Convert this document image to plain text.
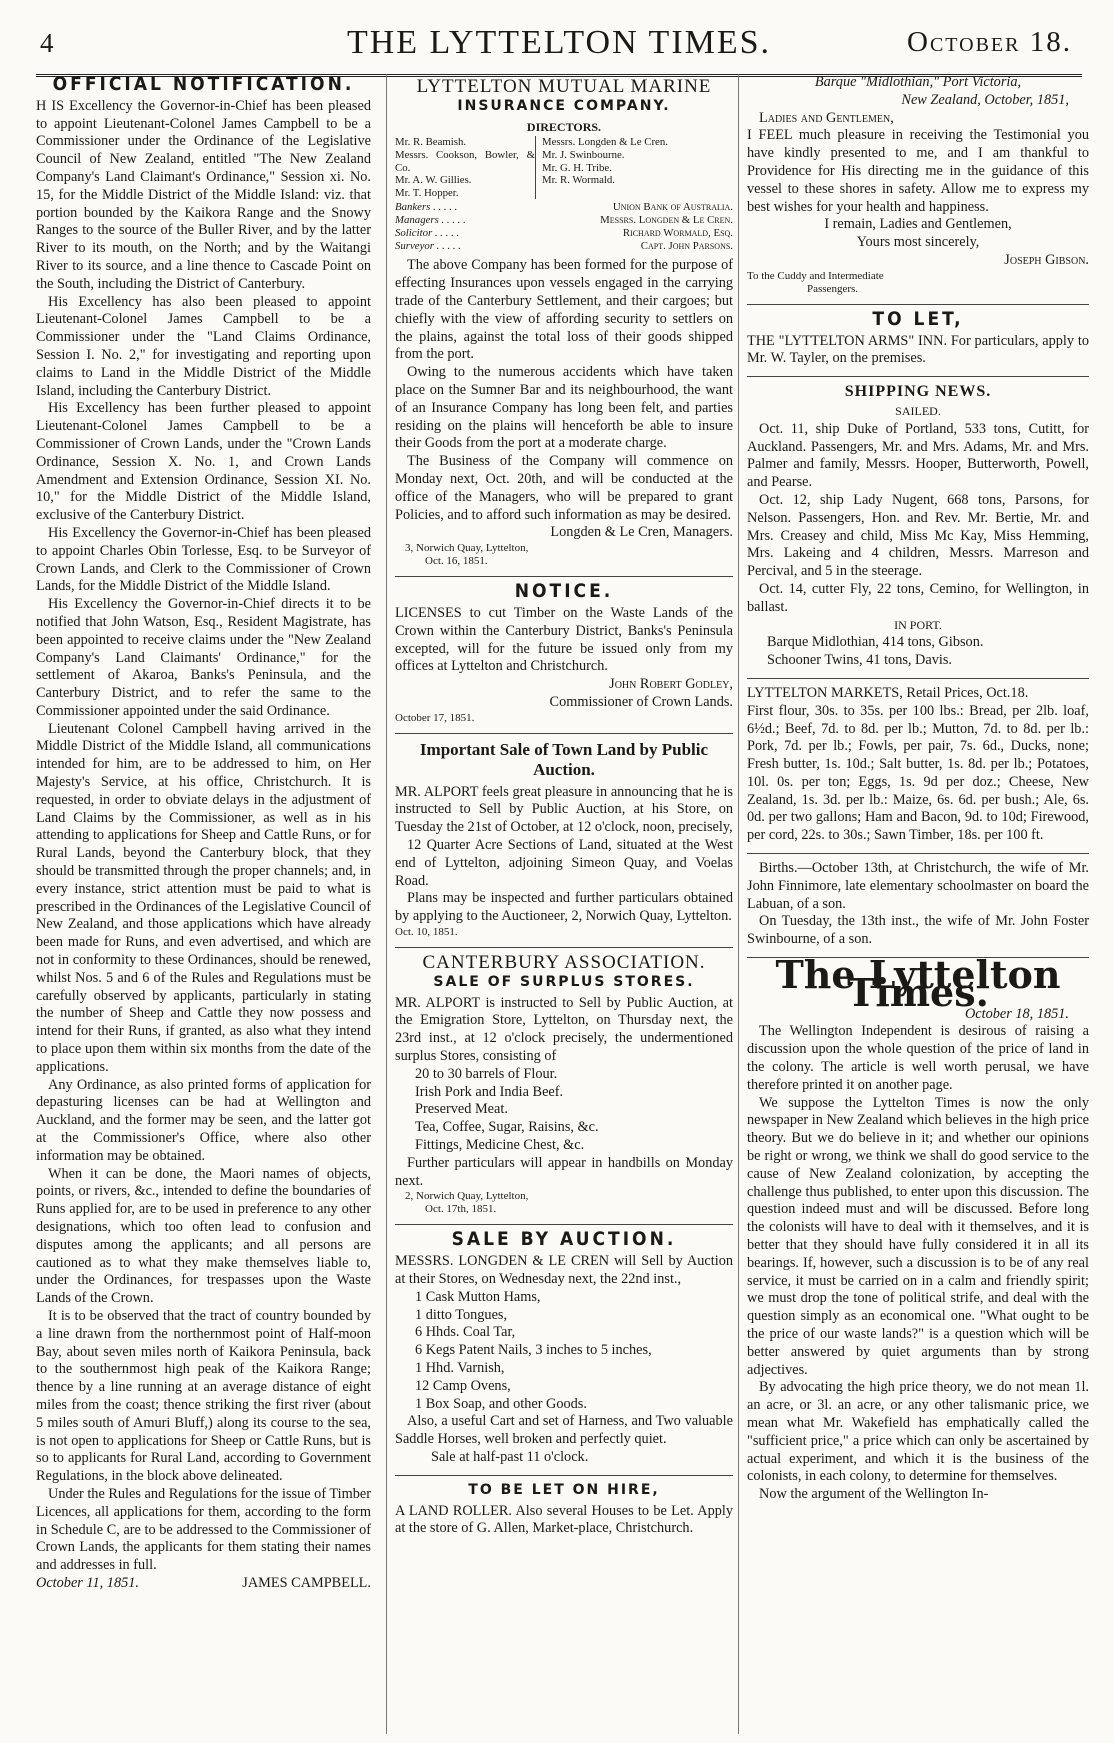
4	THE LYTTELTON TIMES.	October 18.
OFFICIAL NOTIFICATION.

H IS Excellency the Governor-in-Chief has been pleased to appoint Lieutenant-Colonel James Campbell to be a Commissioner under the Ordinance of the Legislative Council of New Zealand, entitled "The New Zealand Company's Land Claimant's Ordinance," Session xi. No. 15, for the Middle District of the Middle Island: viz. that portion bounded by the Kaikora Range and the Snowy Ranges to the source of the Buller River, and by the latter River to its mouth, on the North; and by the Waitangi River to its source, and a line thence to Cascade Point on the South, including the District of Canterbury.

His Excellency has also been pleased to appoint Lieutenant-Colonel James Campbell to be a Commissioner under the "Land Claims Ordinance, Session I. No. 2," for investigating and reporting upon claims to Land in the Middle District of the Middle Island, including the Canterbury District.

His Excellency has been further pleased to appoint Lieutenant-Colonel James Campbell to be a Commissioner of Crown Lands, under the "Crown Lands Ordinance, Session X. No. 1, and Crown Lands Amendment and Extension Ordinance, Session XI. No. 10," for the Middle District of the Middle Island, exclusive of the Canterbury District.

His Excellency the Governor-in-Chief has been pleased to appoint Charles Obin Torlesse, Esq. to be Surveyor of Crown Lands, and Clerk to the Commissioner of Crown Lands, for the Middle District of the Middle Island.

His Excellency the Governor-in-Chief directs it to be notified that John Watson, Esq., Resident Magistrate, has been appointed to receive claims under the "New Zealand Company's Land Claimants' Ordinance," for the settlement of Akaroa, Banks's Peninsula, and the Canterbury District, and to refer the same to the Commissioner appointed under the said Ordinance.

Lieutenant Colonel Campbell having arrived in the Middle District of the Middle Island, all communications intended for him, are to be addressed to him, on Her Majesty's Service, at his office, Christchurch. It is requested, in order to obviate delays in the adjustment of Land Claims by the Commissioner, as well as in his attending to applications for Sheep and Cattle Runs, or for Rural Lands, beyond the Canterbury block, that they should be transmitted through the proper channels; and, in every instance, strict attention must be paid to what is prescribed in the Ordinances of the Legislative Council of New Zealand, and those applications which have already been made for Runs, and even advertised, and which are not in conformity to these Ordinances, should be renewed, whilst Nos. 5 and 6 of the Rules and Regulations must be carefully observed by applicants, particularly in stating the number of Sheep and Cattle they now possess and intend for their Runs, if granted, as also what they intend to place upon them within six months from the date of the applications.

Any Ordinance, as also printed forms of application for depasturing licenses can be had at Wellington and Auckland, and the former may be seen, and the latter got at the Commissioner's Office, where also other information may be obtained.

When it can be done, the Maori names of objects, points, or rivers, &c., intended to define the boundaries of Runs applied for, are to be used in preference to any other designations, which too often lead to confusion and disputes among the applicants; and all persons are cautioned as to what they make themselves liable to, under the Ordinances, for trespasses upon the Waste Lands of the Crown.

It is to be observed that the tract of country bounded by a line drawn from the northernmost point of Half-moon Bay, about seven miles north of Kaikora Peninsula, back to the southernmost high peak of the Kaikora Range; thence by a line running at an average distance of eight miles from the coast; thence striking the first river (about 5 miles south of Amuri Bluff,) along its course to the sea, is not open to applications for Sheep or Cattle Runs, but is so to applicants for Rural Land, according to Government Regulations, in the block above delineated.

Under the Rules and Regulations for the issue of Timber Licences, all applications for them, according to the form in Schedule C, are to be addressed to the Commissioner of Crown Lands, the applicants for them stating their names and addresses in full.

October 11, 1851.	JAMES CAMPBELL.
LYTTELTON MUTUAL MARINE
INSURANCE COMPANY.
DIRECTORS.
Mr. R. Beamish.
Messrs. Cookson, Bowler, & Co.
Mr. A. W. Gillies.
Mr. T. Hopper.
Messrs. Longden & Le Cren.
Mr. J. Swinbourne.
Mr. G. H. Tribe.
Mr. R. Wormald.
Bankers . . . . .	Union Bank of Australia.
Managers . . . . .	Messrs. Longden & Le Cren.
Solicitor . . . . .	Richard Wormald, Esq.
Surveyor . . . . .	Capt. John Parsons.

The above Company has been formed for the purpose of effecting Insurances upon vessels engaged in the carrying trade of the Canterbury Settlement, and their cargoes; but chiefly with the view of affording security to settlers on the plains, against the total loss of their goods shipped from the port.

Owing to the numerous accidents which have taken place on the Sumner Bar and its neighbourhood, the want of an Insurance Company has long been felt, and parties residing on the plains will henceforth be able to insure their Goods from the port at a moderate charge.

The Business of the Company will commence on Monday next, Oct. 20th, and will be conducted at the office of the Managers, who will be prepared to grant Policies, and to afford such information as may be desired.

Longden & Le Cren, Managers.

3, Norwich Quay, Lyttelton,

Oct. 16, 1851.

NOTICE.

LICENSES to cut Timber on the Waste Lands of the Crown within the Canterbury District, Banks's Peninsula excepted, will for the future be issued only from my offices at Lyttelton and Christchurch.

John Robert Godley,
Commissioner of Crown Lands.

October 17, 1851.

Important Sale of Town Land by Public Auction.

MR. ALPORT feels great pleasure in announcing that he is instructed to Sell by Public Auction, at his Store, on Tuesday the 21st of October, at 12 o'clock, noon, precisely,

12 Quarter Acre Sections of Land, situated at the West end of Lyttelton, adjoining Simeon Quay, and Voelas Road.

Plans may be inspected and further particulars obtained by applying to the Auctioneer, 2, Norwich Quay, Lyttelton.

Oct. 10, 1851.

CANTERBURY ASSOCIATION.
SALE OF SURPLUS STORES.

MR. ALPORT is instructed to Sell by Public Auction, at the Emigration Store, Lyttelton, on Thursday next, the 23rd inst., at 12 o'clock precisely, the undermentioned surplus Stores, consisting of

20 to 30 barrels of Flour.

Irish Pork and India Beef.

Preserved Meat.

Tea, Coffee, Sugar, Raisins, &c.

Fittings, Medicine Chest, &c.

Further particulars will appear in handbills on Monday next.

2, Norwich Quay, Lyttelton,

Oct. 17th, 1851.

SALE BY AUCTION.

MESSRS. LONGDEN & LE CREN will Sell by Auction at their Stores, on Wednesday next, the 22nd inst.,

1 Cask Mutton Hams,

1 ditto Tongues,

6 Hhds. Coal Tar,

6 Kegs Patent Nails, 3 inches to 5 inches,

1 Hhd. Varnish,

12 Camp Ovens,

1 Box Soap, and other Goods.

Also, a useful Cart and set of Harness, and Two valuable Saddle Horses, well broken and perfectly quiet.

Sale at half-past 11 o'clock.

TO BE LET ON HIRE,

A LAND ROLLER. Also several Houses to be Let. Apply at the store of G. Allen, Market-place, Christchurch.

Barque "Midlothian," Port Victoria,
New Zealand, October, 1851,

Ladies and Gentlemen,

I FEEL much pleasure in receiving the Testimonial you have kindly presented to me, and I am thankful to Providence for His directing me in the guidance of this vessel to these shores in safety. Allow me to express my best wishes for your health and happiness.

I remain, Ladies and Gentlemen,

Yours most sincerely,

Joseph Gibson.

To the Cuddy and Intermediate

Passengers.

TO LET,

THE "LYTTELTON ARMS" INN. For particulars, apply to Mr. W. Tayler, on the premises.

SHIPPING NEWS.
SAILED.

Oct. 11, ship Duke of Portland, 533 tons, Cutitt, for Auckland. Passengers, Mr. and Mrs. Adams, Mr. and Mrs. Palmer and family, Messrs. Hooper, Butterworth, Powell, and Pearse.

Oct. 12, ship Lady Nugent, 668 tons, Parsons, for Nelson. Passengers, Hon. and Rev. Mr. Bertie, Mr. and Mrs. Creasey and child, Miss Mc Kay, Miss Hemming, Mrs. Lakeing and 4 children, Messrs. Marreson and Percival, and 5 in the steerage.

Oct. 14, cutter Fly, 22 tons, Cemino, for Wellington, in ballast.

IN PORT.

Barque Midlothian, 414 tons, Gibson.

Schooner Twins, 41 tons, Davis.

LYTTELTON MARKETS, Retail Prices, Oct.18.

First flour, 30s. to 35s. per 100 lbs.: Bread, per 2lb. loaf, 6½d.; Beef, 7d. to 8d. per lb.; Mutton, 7d. to 8d. per lb.: Pork, 7d. per lb.; Fowls, per pair, 7s. 6d., Ducks, none; Fresh butter, 1s. 10d.; Salt butter, 1s. 8d. per lb.; Potatoes, 10l. 0s. per ton; Eggs, 1s. 9d per doz.; Cheese, New Zealand, 1s. 3d. per lb.: Maize, 6s. 6d. per bush.; Ale, 6s. 0d. per two gallons; Ham and Bacon, 9d. to 10d; Firewood, per cord, 22s. to 30s.; Sawn Timber, 18s. per 100 ft.

Births.—October 13th, at Christchurch, the wife of Mr. John Finnimore, late elementary schoolmaster on board the Labuan, of a son.

On Tuesday, the 13th inst., the wife of Mr. John Foster Swinbourne, of a son.

The Lyttelton Times.
October 18, 1851.

The Wellington Independent is desirous of raising a discussion upon the whole question of the price of land in the colony. The article is well worth perusal, we have therefore printed it on another page.

We suppose the Lyttelton Times is now the only newspaper in New Zealand which believes in the high price theory. But we do believe in it; and whether our opinions be right or wrong, we think we shall do good service to the cause of New Zealand colonization, by accepting the challenge thus published, to enter upon this discussion. The question indeed must and will be discussed. Before long the colonists will have to deal with it themselves, and it is better that they should have fully considered it in all its bearings. If, however, such a discussion is to be of any real service, it must be carried on in a calm and friendly spirit; we must drop the tone of political strife, and deal with the question simply as an economical one. "What ought to be the price of our waste lands?" is a question which will be better answered by quiet arguments than by strong adjectives.

By advocating the high price theory, we do not mean 1l. an acre, or 3l. an acre, or any other talismanic price, we mean what Mr. Wakefield has emphatically called the "sufficient price," a price which can only be ascertained by actual experiment, and which it is the business of the colonists, in each colony, to determine for themselves.

Now the argument of the Wellington In-
